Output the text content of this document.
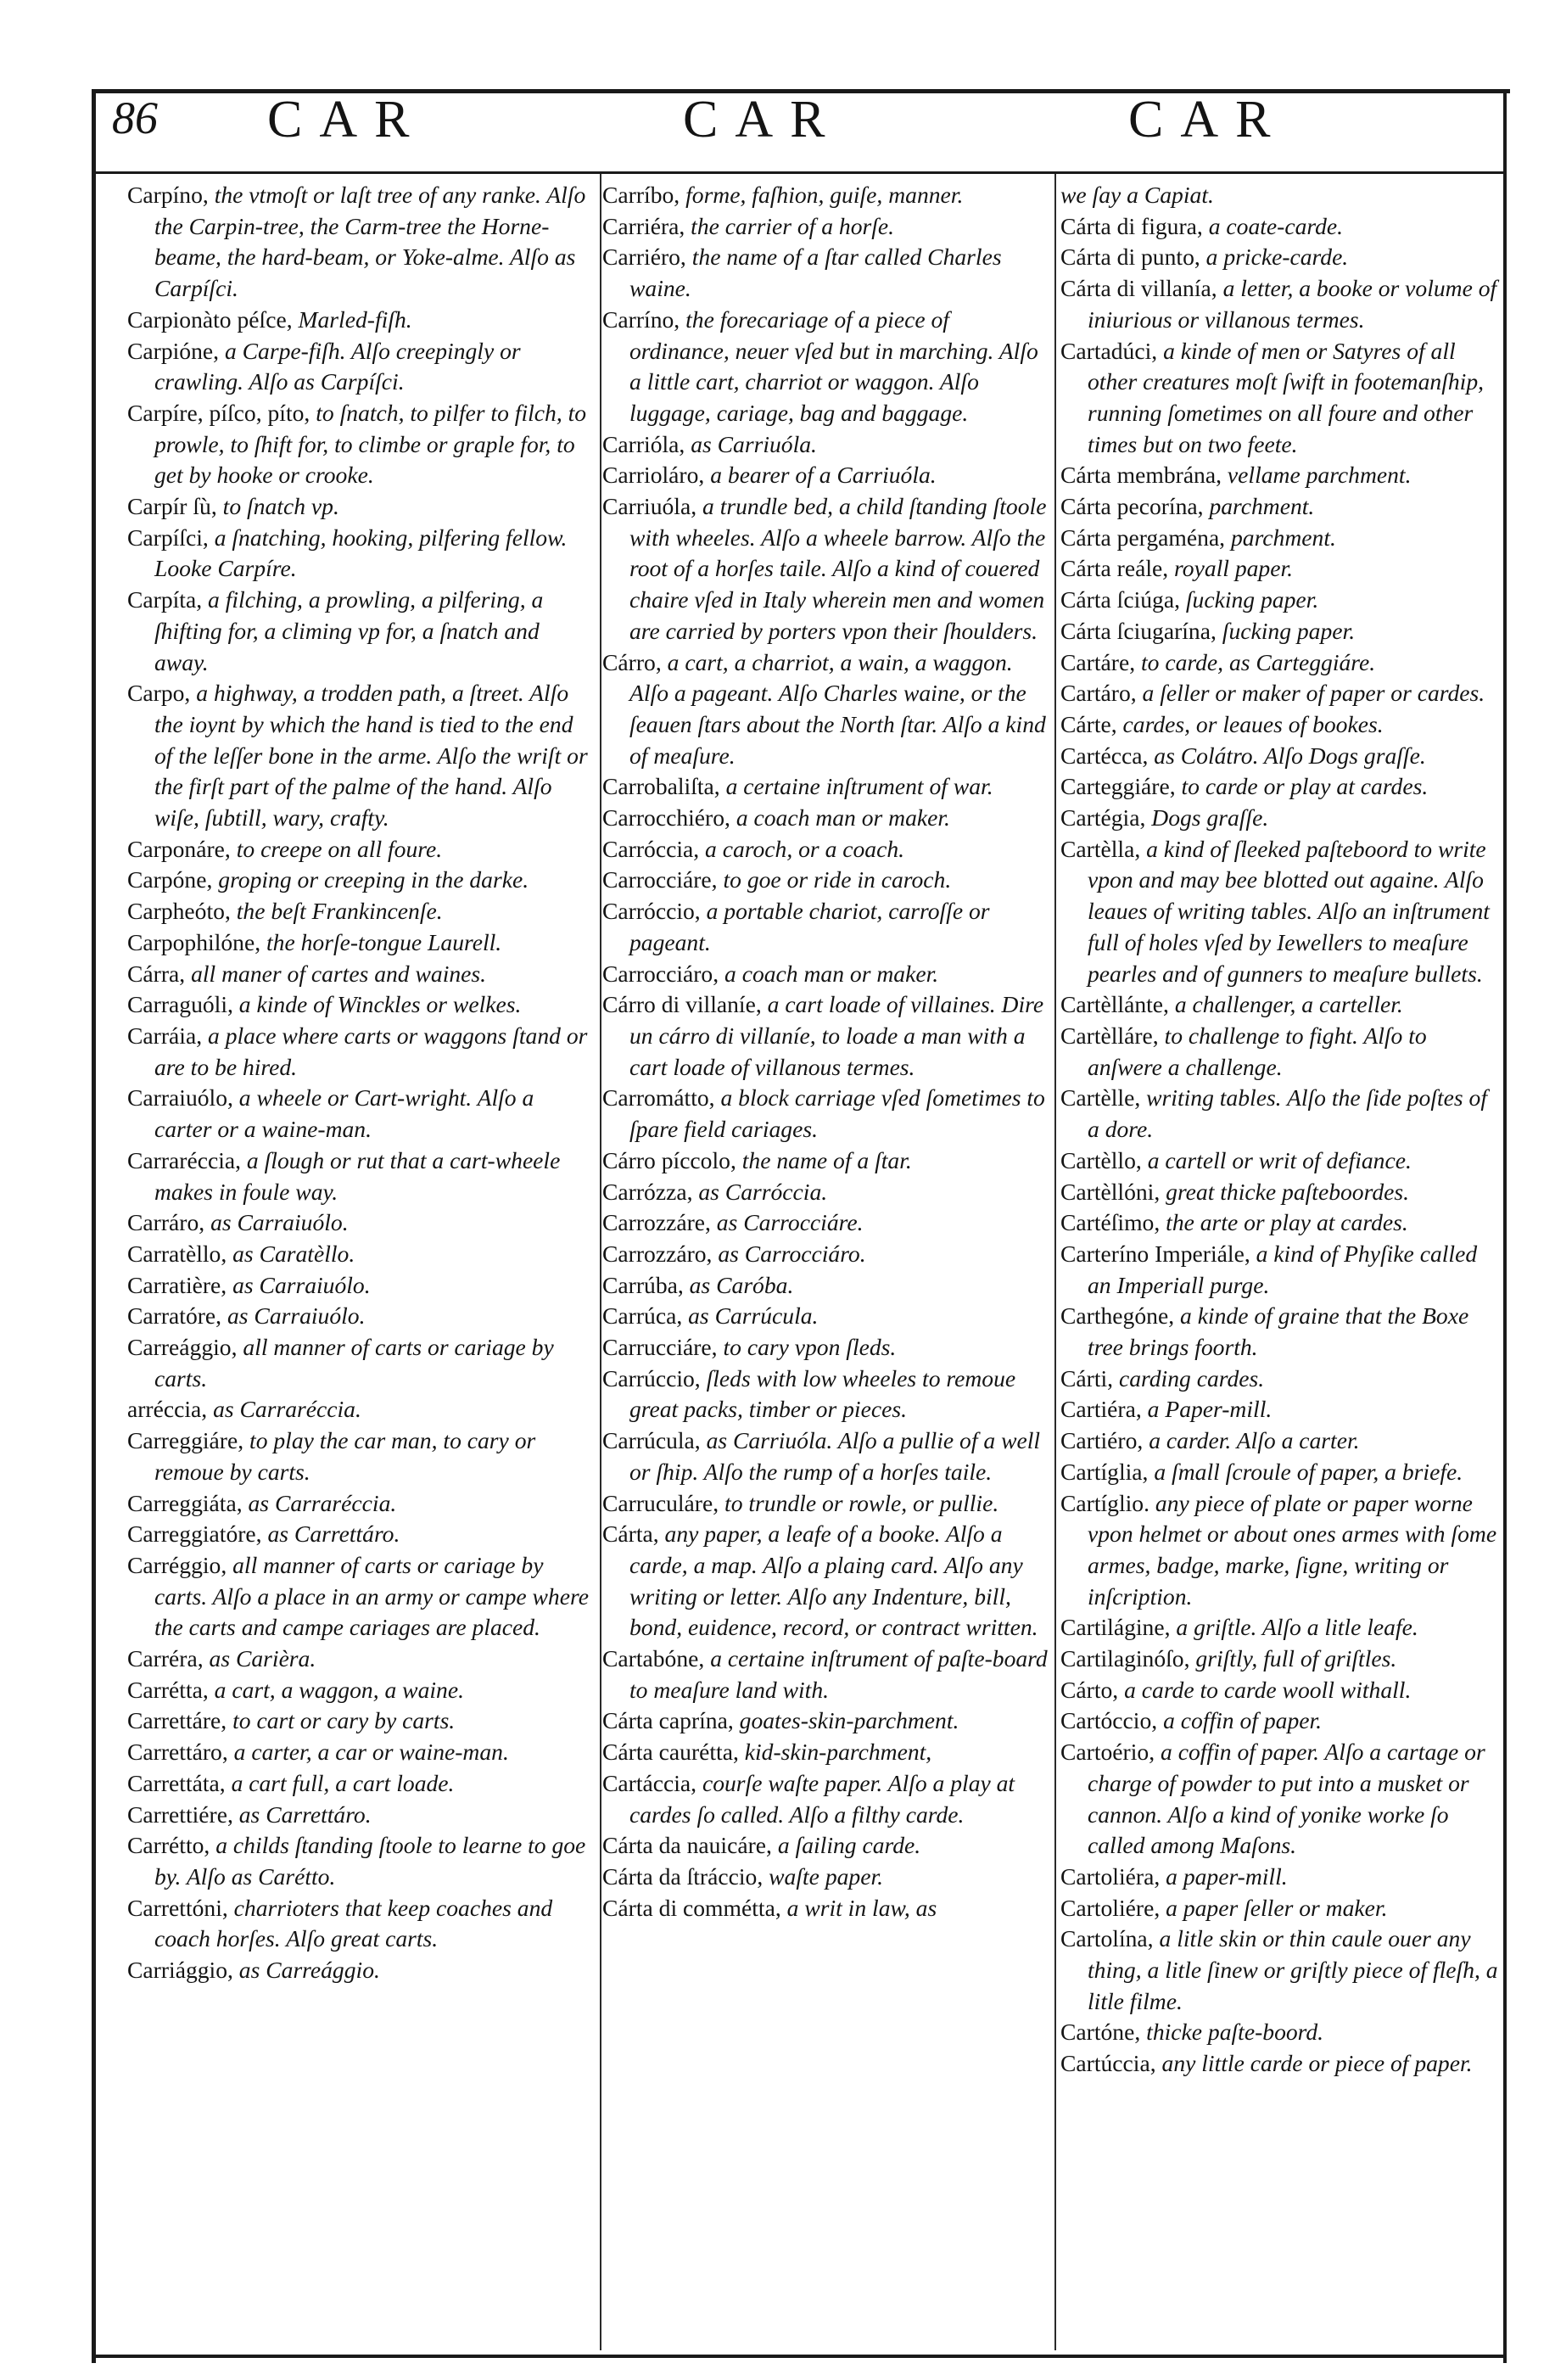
86 CAR	CAR	CAR

Carpíno, the vtmoſt or laſt tree of any ranke. Alſo the Carpin-tree, the Carm-tree the Horne-beame, the hard-beam, or Yoke-alme. Alſo as Carpíſci.

Carpionàto péſce, Marled-fiſh.

Carpióne, a Carpe-fiſh. Alſo creepingly or crawling. Alſo as Carpíſci.

Carpíre, píſco, píto, to ſnatch, to pilfer to filch, to prowle, to ſhift for, to climbe or graple for, to get by hooke or crooke.

Carpír ſù, to ſnatch vp.

Carpíſci, a ſnatching, hooking, pilfering fellow. Looke Carpíre.

Carpíta, a filching, a prowling, a pilfering, a ſhifting for, a climing vp for, a ſnatch and away.

Carpo, a highway, a trodden path, a ſtreet. Alſo the ioynt by which the hand is tied to the end of the leſſer bone in the arme. Alſo the wriſt or the firſt part of the palme of the hand. Alſo wiſe, ſubtill, wary, crafty.

Carponáre, to creepe on all foure.

Carpóne, groping or creeping in the darke.

Carpheóto, the beſt Frankincenſe.

Carpophilóne, the horſe-tongue Laurell.

Cárra, all maner of cartes and waines.

Carraguóli, a kinde of Winckles or welkes.

Carráia, a place where carts or waggons ſtand or are to be hired.

Carraiuólo, a wheele or Cart-wright. Alſo a carter or a waine-man.

Carraréccia, a ſlough or rut that a cart-wheele makes in foule way.

Carráro, as Carraiuólo.

Carratèllo, as Caratèllo.

Carratière, as Carraiuólo.

Carratóre, as Carraiuólo.

Carreággio, all manner of carts or cariage by carts.

arréccia, as Carraréccia.

Carreggiáre, to play the car man, to cary or remoue by carts.

Carreggiáta, as Carraréccia.

Carreggiatóre, as Carrettáro.

Carréggio, all manner of carts or cariage by carts. Alſo a place in an army or campe where the carts and campe cariages are placed.

Carréra, as Carièra.

Carrétta, a cart, a waggon, a waine.

Carrettáre, to cart or cary by carts.

Carrettáro, a carter, a car or waine-man.

Carrettáta, a cart full, a cart loade.

Carrettiére, as Carrettáro.

Carrétto, a childs ſtanding ſtoole to learne to goe by. Alſo as Carétto.

Carrettóni, charrioters that keep coaches and coach horſes. Alſo great carts.

Carriággio, as Carreággio.

Carríbo, forme, faſhion, guiſe, manner.

Carriéra, the carrier of a horſe.

Carriéro, the name of a ſtar called Charles waine.

Carríno, the forecariage of a piece of ordinance, neuer vſed but in marching. Alſo a little cart, charriot or waggon. Alſo luggage, cariage, bag and baggage.

Carrióla, as Carriuóla.

Carrioláro, a bearer of a Carriuóla.

Carriuóla, a trundle bed, a child ſtanding ſtoole with wheeles. Alſo a wheele barrow. Alſo the root of a horſes taile. Alſo a kind of couered chaire vſed in Italy wherein men and women are carried by porters vpon their ſhoulders.

Cárro, a cart, a charriot, a wain, a waggon. Alſo a pageant. Alſo Charles waine, or the ſeauen ſtars about the North ſtar. Alſo a kind of meaſure.

Carrobaliſta, a certaine inſtrument of war.

Carrocchiéro, a coach man or maker.

Carróccia, a caroch, or a coach.

Carrocciáre, to goe or ride in caroch.

Carróccio, a portable chariot, carroſſe or pageant.

Carrocciáro, a coach man or maker.

Cárro di villaníe, a cart loade of villaines. Dire un cárro di villaníe, to loade a man with a cart loade of villanous termes.

Carromátto, a block carriage vſed ſometimes to ſpare field cariages.

Cárro píccolo, the name of a ſtar.

Carrózza, as Carróccia.

Carrozzáre, as Carrocciáre.

Carrozzáro, as Carrocciáro.

Carrúba, as Caróba.

Carrúca, as Carrúcula.

Carrucciáre, to cary vpon ſleds.

Carrúccio, ſleds with low wheeles to remoue great packs, timber or pieces.

Carrúcula, as Carriuóla. Alſo a pullie of a well or ſhip. Alſo the rump of a horſes taile.

Carruculáre, to trundle or rowle, or pullie.

Cárta, any paper, a leafe of a booke. Alſo a carde, a map. Alſo a plaing card. Alſo any writing or letter. Alſo any Indenture, bill, bond, euidence, record, or contract written.

Cartabóne, a certaine inſtrument of paſte-board to meaſure land with.

Cárta caprína, goates-skin-parchment.

Cárta caurétta, kid-skin-parchment,

Cartáccia, courſe waſte paper. Alſo a play at cardes ſo called. Alſo a filthy carde.

Cárta da nauicáre, a ſailing carde.

Cárta da ſtráccio, waſte paper.

Cárta di comméttа, a writ in law, as

we ſay a Capiat.

Cárta di figura, a coate-carde.

Cárta di punto, a pricke-carde.

Cárta di villanía, a letter, a booke or volume of iniurious or villanous termes.

Cartadúci, a kinde of men or Satyres of all other creatures moſt ſwift in footemanſhip, running ſometimes on all foure and other times but on two feete.

Cárta membrána, vellame parchment.

Cárta pecorína, parchment.

Cárta pergaména, parchment.

Cárta reále, royall paper.

Cárta ſciúga, ſucking paper.

Cárta ſciugarína, ſucking paper.

Cartáre, to carde, as Carteggiáre.

Cartáro, a ſeller or maker of paper or cardes.

Cárte, cardes, or leaues of bookes.

Cartécca, as Colátro. Alſo Dogs graſſe.

Carteggiáre, to carde or play at cardes.

Cartégia, Dogs graſſe.

Cartèlla, a kind of ſleeked paſteboord to write vpon and may bee blotted out againe. Alſo leaues of writing tables. Alſo an inſtrument full of holes vſed by Iewellers to meaſure pearles and of gunners to meaſure bullets.

Cartèllánte, a challenger, a carteller.

Cartèlláre, to challenge to fight. Alſo to anſwere a challenge.

Cartèlle, writing tables. Alſo the ſide poſtes of a dore.

Cartèllo, a cartell or writ of defiance.

Cartèllóni, great thicke paſteboordes.

Cartéſimo, the arte or play at cardes.

Carteríno Imperiále, a kind of Phyſike called an Imperiall purge.

Carthegóne, a kinde of graine that the Boxe tree brings foorth.

Cárti, carding cardes.

Cartiéra, a Paper-mill.

Cartiéro, a carder. Alſo a carter.

Cartíglia, a ſmall ſcroule of paper, a briefe.

Cartíglio. any piece of plate or paper worne vpon helmet or about ones armes with ſome armes, badge, marke, ſigne, writing or inſcription.

Cartilágine, a griſtle. Alſo a litle leafe.

Cartilaginóſo, griſtly, full of griſtles.

Cárto, a carde to carde wooll withall.

Cartóccio, a coffin of paper.

Cartoério, a coffin of paper. Alſo a cartage or charge of powder to put into a musket or cannon. Alſo a kind of yonike worke ſo called among Maſons.

Cartoliéra, a paper-mill.

Cartoliére, a paper ſeller or maker.

Cartolína, a litle skin or thin caule ouer any thing, a litle ſinew or griſtly piece of fleſh, a litle filme.

Cartóne, thicke paſte-boord.

Cartúccia, any little carde or piece of paper.
